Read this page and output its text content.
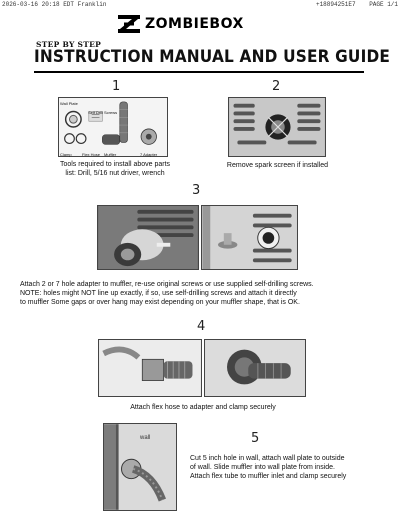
2026-03-16 20:18 EDT Franklin	+18894251E7 PAGE 1/1
ZOMBIEBOX
STEP BY STEP
INSTRUCTION MANUAL AND USER GUIDE
1
Wall Plate
Self Drill Screws
Clamp	Flex Hose Muffler	7 Adapter
Tools required to install above parts
list: Drill, 5/16 nut driver, wrench
2
Remove spark screen if installed
3
Attach 2 or 7 hole adapter to muffler, re-use original screws or use supplied self-drilling screws.
NOTE: holes might NOT line up exactly, if so, use self-drilling screws and attach it directly
to muffler Some gaps or over hang may exist depending on your muffler shape, that is OK.
4
Attach flex hose to adapter and clamp securely
wall	5
Cut 5 inch hole in wall, attach wall plate to outside
of wall. Slide muffler into wall plate from inside.
Attach flex tube to muffler inlet and clamp securely
